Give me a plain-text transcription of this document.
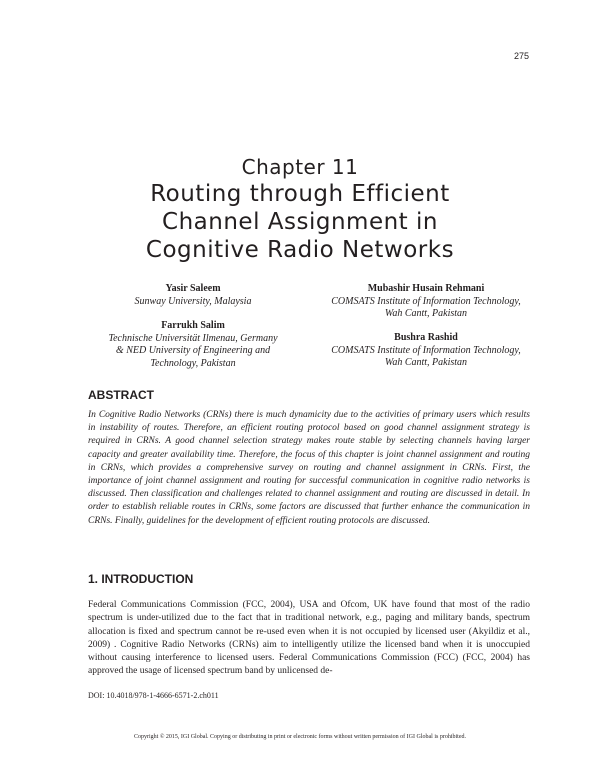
275
Chapter 11
Routing through Efficient
Channel Assignment in
Cognitive Radio Networks
Yasir Saleem
Sunway University, Malaysia
Mubashir Husain Rehmani
COMSATS Institute of Information Technology,
Wah Cantt, Pakistan
Farrukh Salim
Technische Universität Ilmenau, Germany
& NED University of Engineering and
Technology, Pakistan
Bushra Rashid
COMSATS Institute of Information Technology,
Wah Cantt, Pakistan
ABSTRACT
In Cognitive Radio Networks (CRNs) there is much dynamicity due to the activities of primary users which results in instability of routes. Therefore, an efficient routing protocol based on good channel assignment strategy is required in CRNs. A good channel selection strategy makes route stable by selecting channels having larger capacity and greater availability time. Therefore, the focus of this chapter is joint channel assignment and routing in CRNs, which provides a comprehensive survey on routing and channel assignment in CRNs. First, the importance of joint channel assignment and routing for successful communication in cognitive radio networks is discussed. Then classification and challenges related to channel assignment and routing are discussed in detail. In order to establish reliable routes in CRNs, some factors are discussed that further enhance the communication in CRNs. Finally, guidelines for the development of efficient routing protocols are discussed.
1. INTRODUCTION
Federal Communications Commission (FCC, 2004), USA and Ofcom, UK have found that most of the radio spectrum is under-utilized due to the fact that in traditional network, e.g., paging and military bands, spectrum allocation is fixed and spectrum cannot be re-used even when it is not occupied by licensed user (Akyildiz et al., 2009) . Cognitive Radio Networks (CRNs) aim to intelligently utilize the licensed band when it is unoccupied without causing interference to licensed users. Federal Communications Commission (FCC) (FCC, 2004) has approved the usage of licensed spectrum band by unlicensed de-
DOI: 10.4018/978-1-4666-6571-2.ch011
Copyright © 2015, IGI Global. Copying or distributing in print or electronic forms without written permission of IGI Global is prohibited.
